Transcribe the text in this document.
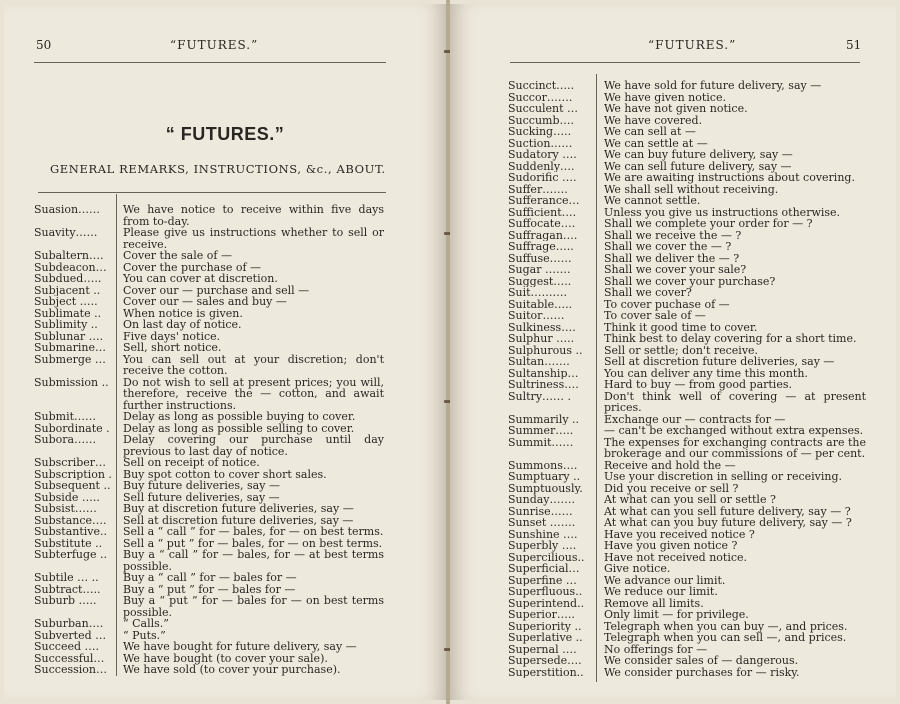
50	“FUTURES.”
“ FUTURES.”
GENERAL REMARKS, INSTRUCTIONS, &c., ABOUT.
Suasion……	We have notice to receive within five days from to-day.
Suavity……	Please give us instructions whether to sell or receive.
Subaltern….	Cover the sale of —
Subdeacon…	Cover the purchase of —
Subdued…..	You can cover at discretion.
Subjacent ..	Cover our — purchase and sell —
Subject …..	Cover our — sales and buy —
Sublimate ..	When notice is given.
Sublimity ..	On last day of notice.
Sublunar ….	Five days' notice.
Submarine…	Sell, short notice.
Submerge …	You can sell out at your discretion; don't receive the cotton.
Submission ..	Do not wish to sell at present prices; you will, therefore, receive the — cotton, and await further instructions.
Submit……	Delay as long as possible buying to cover.
Subordinate .	Delay as long as possible selling to cover.
Subora……	Delay covering our purchase until day previous to last day of notice.
Subscriber…	Sell on receipt of notice.
Subscription .	Buy spot cotton to cover short sales.
Subsequent ..	Buy future deliveries, say —
Subside …..	Sell future deliveries, say —
Subsist……	Buy at discretion future deliveries, say —
Substance….	Sell at discretion future deliveries, say —
Substantive..	Sell a “ call ” for — bales, for — on best terms.
Substitute ..	Sell a “ put ” for — bales, for — on best terms.
Subterfuge ..	Buy a “ call ” for — bales, for — at best terms possible.
Subtile … ..	Buy a “ call ” for — bales for —
Subtract…..	Buy a “ put ” for — bales for —
Suburb …..	Buy a “ put ” for — bales for — on best terms possible.
Suburban….	“ Calls.”
Subverted …	“ Puts.”
Succeed ….	We have bought for future delivery, say —
Successful…	We have bought (to cover your sale).
Succession…	We have sold (to cover your purchase).
“FUTURES.”	51
Succinct…..	We have sold for future delivery, say —
Succor…….	We have given notice.
Succulent …	We have not given notice.
Succumb….	We have covered.
Sucking…..	We can sell at —
Suction……	We can settle at —
Sudatory ….	We can buy future delivery, say —
Suddenly….	We can sell future delivery, say —
Sudorific ….	We are awaiting instructions about covering.
Suffer…….	We shall sell without receiving.
Sufferance…	We cannot settle.
Sufficient….	Unless you give us instructions otherwise.
Suffocate….	Shall we complete your order for — ?
Suffragan….	Shall we receive the — ?
Suffrage…..	Shall we cover the — ?
Suffuse……	Shall we deliver the — ?
Sugar …….	Shall we cover your sale?
Suggest…..	Shall we cover your purchase?
Suit……….	Shall we cover?
Suitable…..	To cover puchase of —
Suitor……	To cover sale of —
Sulkiness….	Think it good time to cover.
Sulphur …..	Think best to delay covering for a short time.
Sulphurous ..	Sell or settle; don't receive.
Sultan…….	Sell at discretion future deliveries, say —
Sultanship…	You can deliver any time this month.
Sultriness….	Hard to buy — from good parties.
Sultry…… .	Don't think well of covering — at present prices.
Summarily ..	Exchange our — contracts for —
Summer…..	— can't be exchanged without extra expenses.
Summit……	The expenses for exchanging contracts are the brokerage and our commissions of — per cent.
Summons….	Receive and hold the —
Sumptuary ..	Use your discretion in selling or receiving.
Sumptuously.	Did you receive or sell ?
Sunday…….	At what can you sell or settle ?
Sunrise……	At what can you sell future delivery, say — ?
Sunset …….	At what can you buy future delivery, say — ?
Sunshine ….	Have you received notice ?
Superbly ….	Have you given notice ?
Supercilious..	Have not received notice.
Superficial…	Give notice.
Superfine …	We advance our limit.
Superfluous..	We reduce our limit.
Superintend..	Remove all limits.
Superior…..	Only limit — for privilege.
Superiority ..	Telegraph when you can buy —, and prices.
Superlative ..	Telegraph when you can sell —, and prices.
Supernal ….	No offerings for —
Supersede….	We consider sales of — dangerous.
Superstition..	We consider purchases for — risky.
